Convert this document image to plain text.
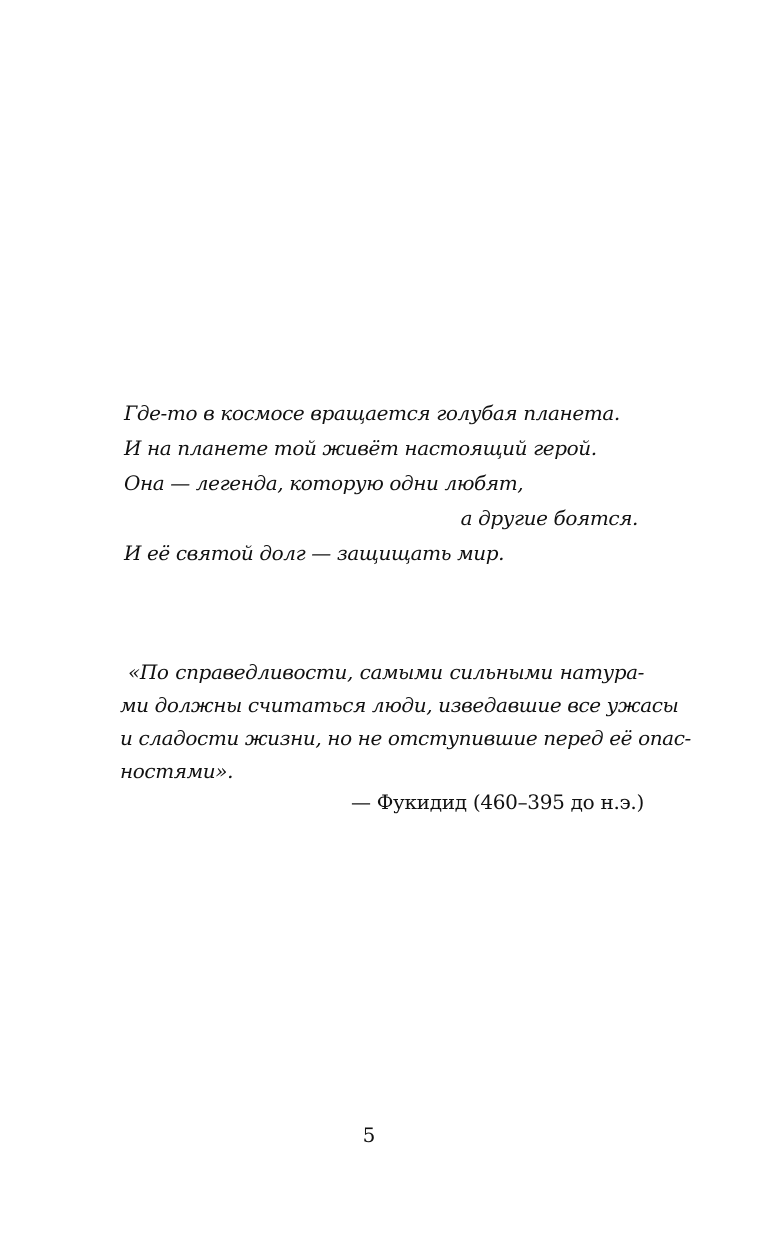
Где-то в космосе вращается голубая планета.
И на планете той живёт настоящий герой.
Она — легенда, которую одни любят,
а другие боятся.
И её святой долг — защищать мир.
«По справедливости, самыми сильными натура-
ми должны считаться люди, изведавшие все ужасы
и сладости жизни, но не отступившие перед её опас-
ностями».
— Фукидид (460–395 до н.э.)
5
